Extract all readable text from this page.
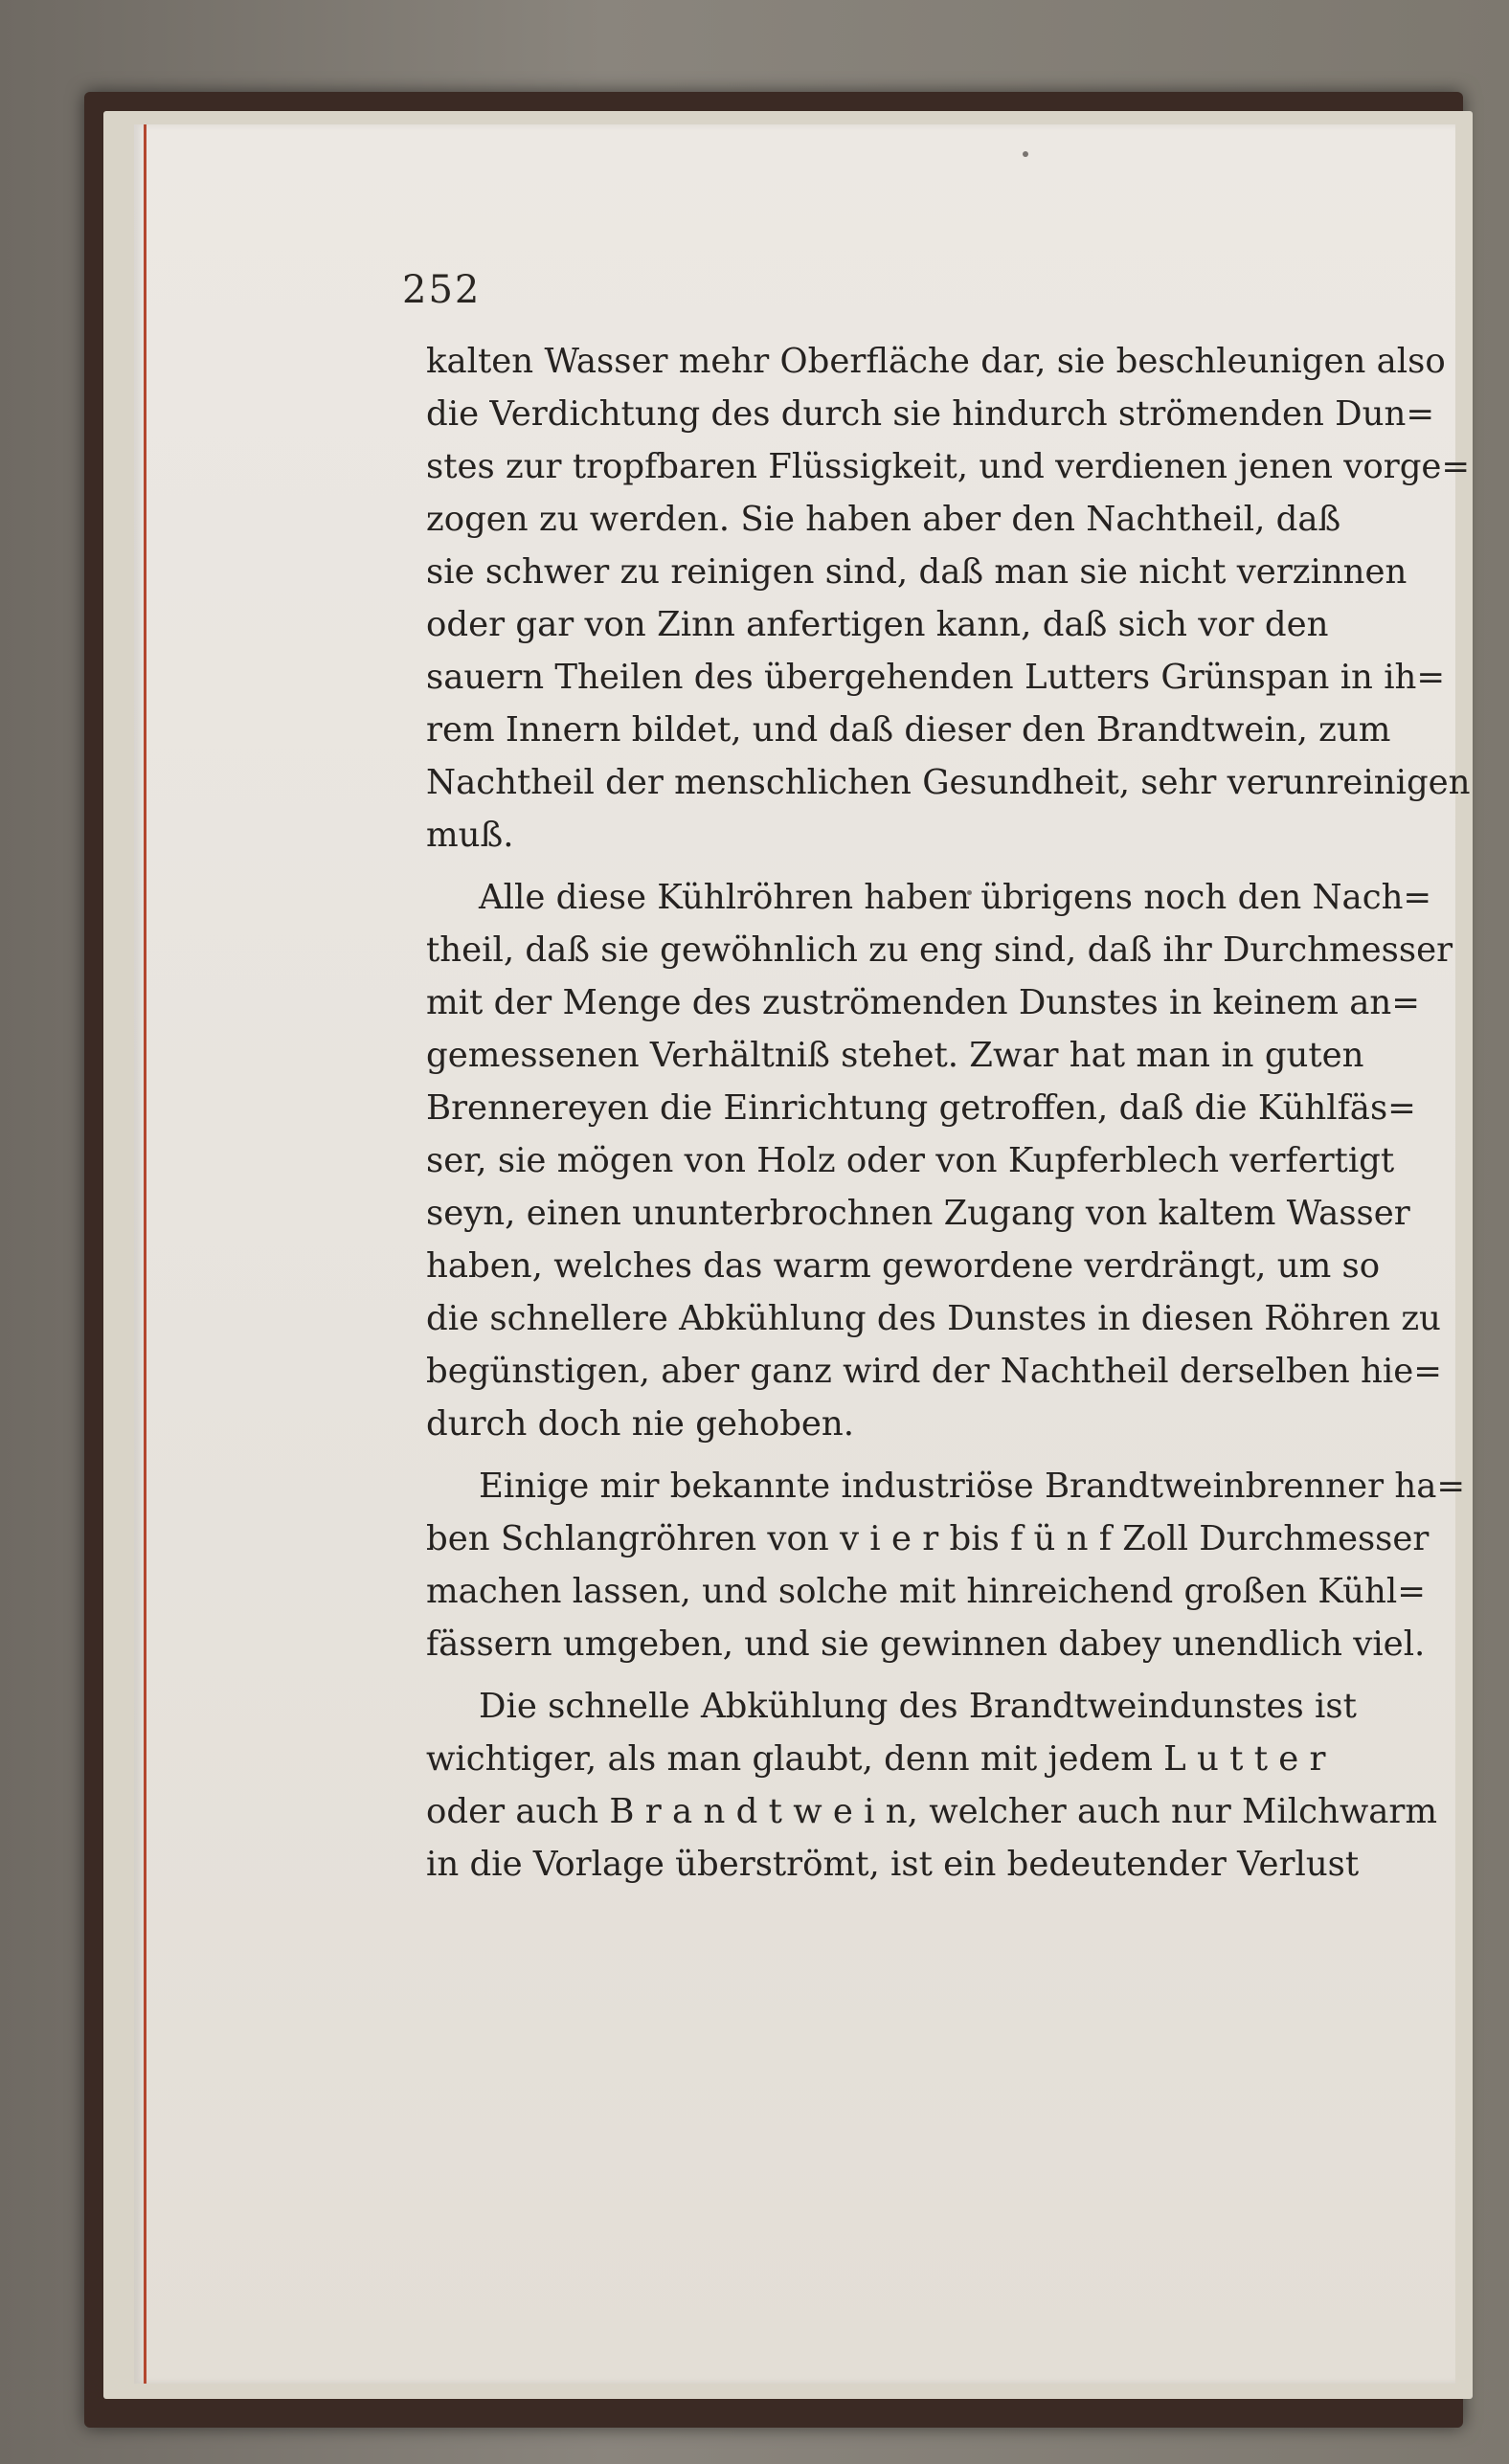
252
kalten Wasser mehr Oberfläche dar, sie beschleunigen also
die Verdichtung des durch sie hindurch strömenden Dun=
stes zur tropfbaren Flüssigkeit, und verdienen jenen vorge=
zogen zu werden. Sie haben aber den Nachtheil, daß
sie schwer zu reinigen sind, daß man sie nicht verzinnen
oder gar von Zinn anfertigen kann, daß sich vor den
sauern Theilen des übergehenden Lutters Grünspan in ih=
rem Innern bildet, und daß dieser den Brandtwein, zum
Nachtheil der menschlichen Gesundheit, sehr verunreinigen
muß.
Alle diese Kühlröhren haben übrigens noch den Nach=
theil, daß sie gewöhnlich zu eng sind, daß ihr Durchmesser
mit der Menge des zuströmenden Dunstes in keinem an=
gemessenen Verhältniß stehet. Zwar hat man in guten
Brennereyen die Einrichtung getroffen, daß die Kühlfäs=
ser, sie mögen von Holz oder von Kupferblech verfertigt
seyn, einen ununterbrochnen Zugang von kaltem Wasser
haben, welches das warm gewordene verdrängt, um so
die schnellere Abkühlung des Dunstes in diesen Röhren zu
begünstigen, aber ganz wird der Nachtheil derselben hie=
durch doch nie gehoben.
Einige mir bekannte industriöse Brandtweinbrenner ha=
ben Schlangröhren von v i e r bis f ü n f Zoll Durchmesser
machen lassen, und solche mit hinreichend großen Kühl=
fässern umgeben, und sie gewinnen dabey unendlich viel.
Die schnelle Abkühlung des Brandtweindunstes ist
wichtiger, als man glaubt, denn mit jedem L u t t e r
oder auch B r a n d t w e i n, welcher auch nur Milchwarm
in die Vorlage überströmt, ist ein bedeutender Verlust
